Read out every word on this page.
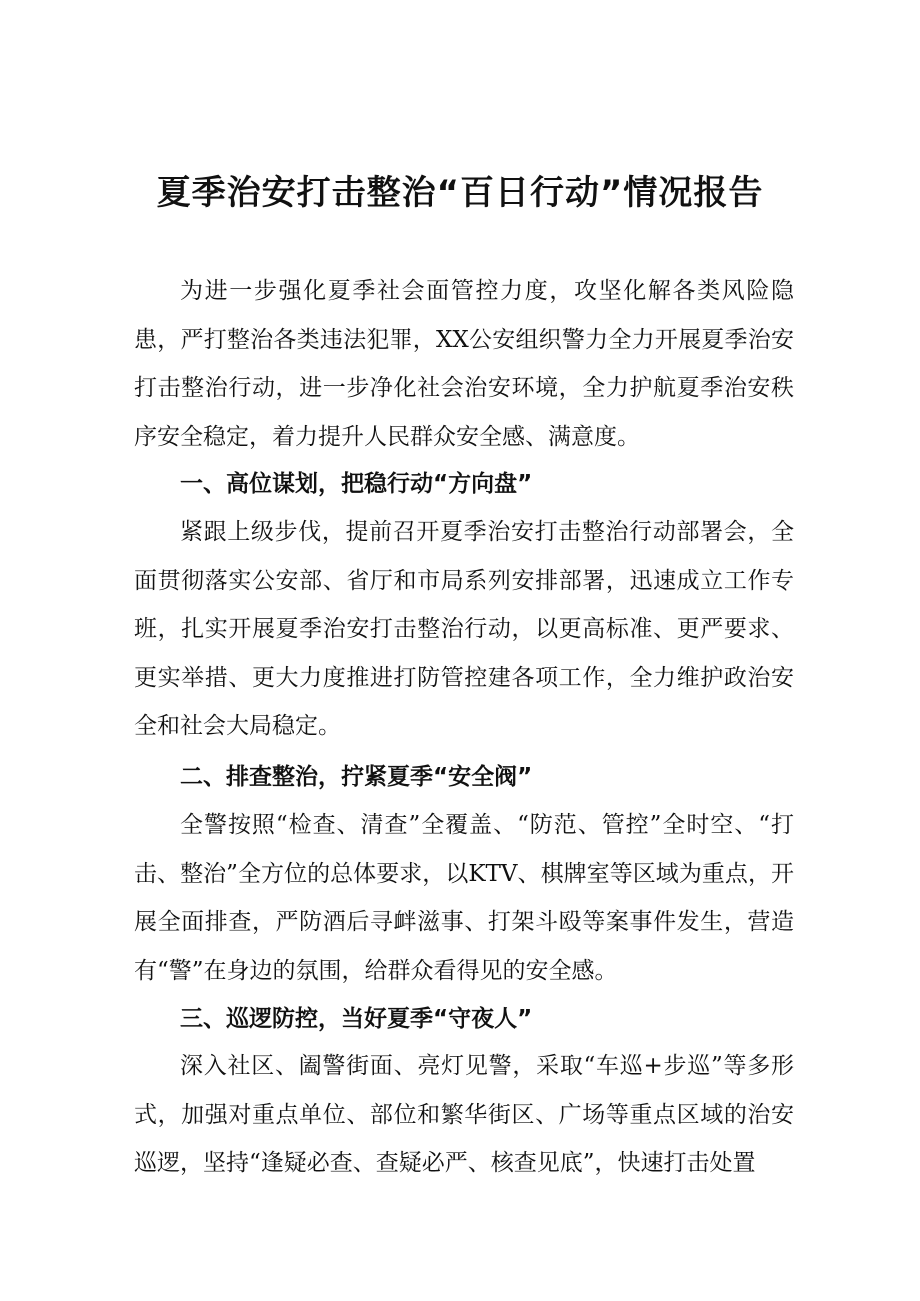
夏季治安打击整治“百日行动”情况报告

为进一步强化夏季社会面管控力度，攻坚化解各类风险隐患，严打整治各类违法犯罪，XX公安组织警力全力开展夏季治安打击整治行动，进一步净化社会治安环境，全力护航夏季治安秩序安全稳定，着力提升人民群众安全感、满意度。

一、高位谋划，把稳行动“方向盘”

紧跟上级步伐，提前召开夏季治安打击整治行动部署会，全面贯彻落实公安部、省厅和市局系列安排部署，迅速成立工作专班，扎实开展夏季治安打击整治行动，以更高标准、更严要求、更实举措、更大力度推进打防管控建各项工作，全力维护政治安全和社会大局稳定。

二、排查整治，拧紧夏季“安全阀”

全警按照“检查、清查”全覆盖、“防范、管控”全时空、“打击、整治”全方位的总体要求，以KTV、棋牌室等区域为重点，开展全面排查，严防酒后寻衅滋事、打架斗殴等案事件发生，营造有“警”在身边的氛围，给群众看得见的安全感。

三、巡逻防控，当好夏季“守夜人”

深入社区、阖警街面、亮灯见警，采取“车巡+步巡”等多形式，加强对重点单位、部位和繁华街区、广场等重点区域的治安巡逻，坚持“逢疑必查、查疑必严、核查见底”，快速打击处置
